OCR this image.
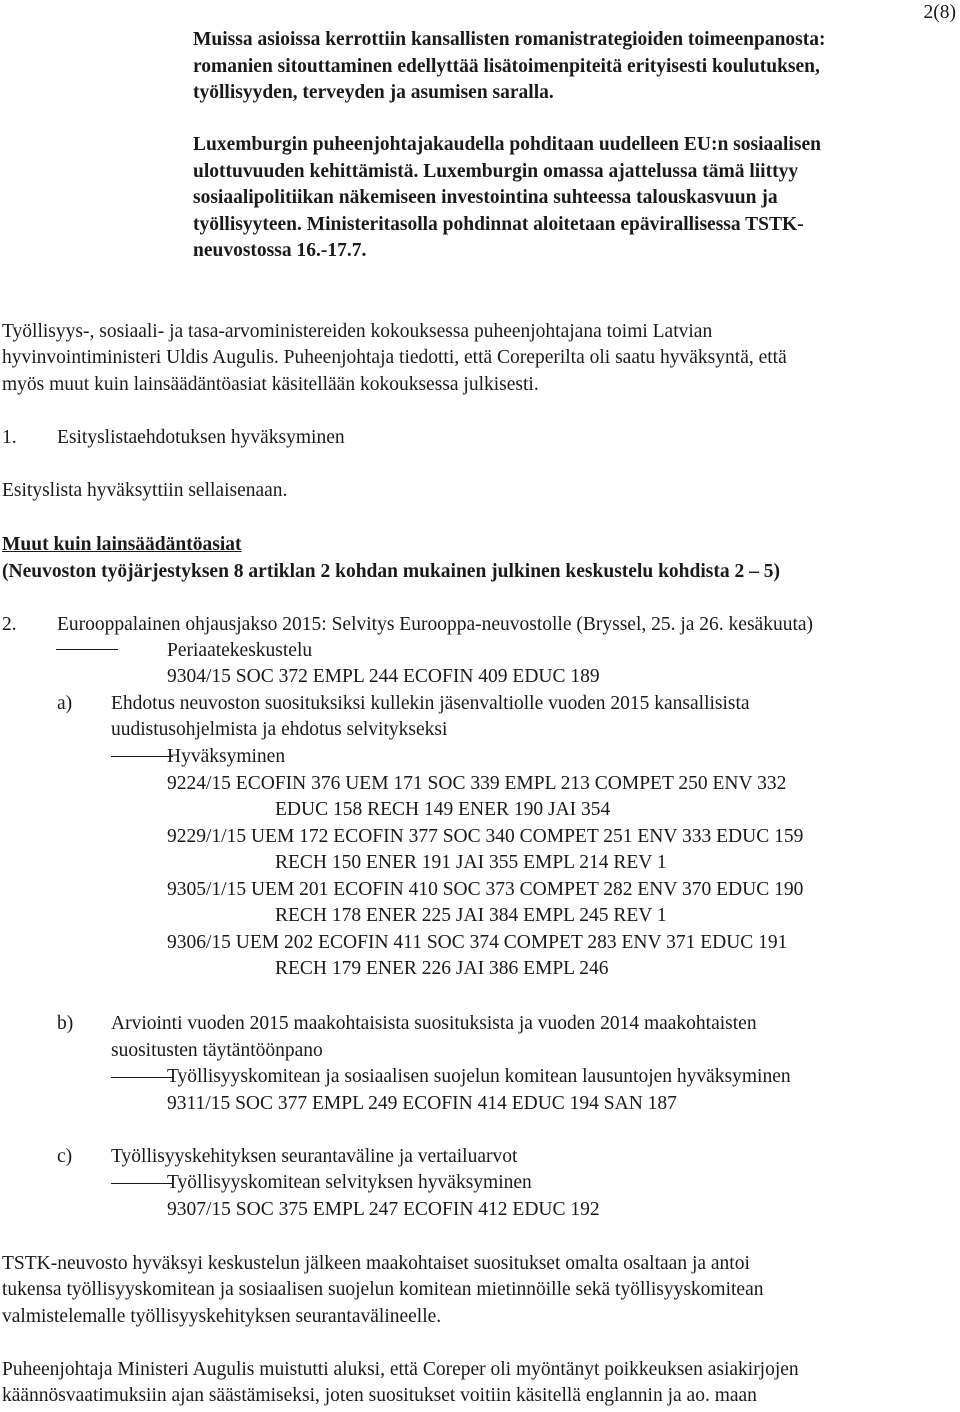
2(8)
Muissa asioissa kerrottiin kansallisten romanistrategioiden toimeenpanosta:
romanien sitouttaminen edellyttää lisätoimenpiteitä erityisesti koulutuksen,
työllisyyden, terveyden ja asumisen saralla.
Luxemburgin puheenjohtajakaudella pohditaan uudelleen EU:n sosiaalisen
ulottuvuuden kehittämistä. Luxemburgin omassa ajattelussa tämä liittyy
sosiaalipolitiikan näkemiseen investointina suhteessa talouskasvuun ja
työllisyyteen. Ministeritasolla pohdinnat aloitetaan epävirallisessa TSTK-
neuvostossa 16.-17.7.
Työllisyys-, sosiaali- ja tasa-arvoministereiden kokouksessa puheenjohtajana toimi Latvian
hyvinvointiministeri Uldis Augulis. Puheenjohtaja tiedotti, että Coreperilta oli saatu hyväksyntä, että
myös muut kuin lainsäädäntöasiat käsitellään kokouksessa julkisesti.
1. Esityslistaehdotuksen hyväksyminen
Esityslista hyväksyttiin sellaisenaan.
Muut kuin lainsäädäntöasiat
(Neuvoston työjärjestyksen 8 artiklan 2 kohdan mukainen julkinen keskustelu kohdista 2 – 5)
2. Eurooppalainen ohjausjakso 2015: Selvitys Eurooppa-neuvostolle (Bryssel, 25. ja 26. kesäkuuta)
Periaatekeskustelu
9304/15 SOC 372 EMPL 244 ECOFIN 409 EDUC 189
a) Ehdotus neuvoston suosituksiksi kullekin jäsenvaltiolle vuoden 2015 kansallisista
uudistusohjelmista ja ehdotus selvitykseksi
Hyväksyminen
9224/15 ECOFIN 376 UEM 171 SOC 339 EMPL 213 COMPET 250 ENV 332
EDUC 158 RECH 149 ENER 190 JAI 354
9229/1/15 UEM 172 ECOFIN 377 SOC 340 COMPET 251 ENV 333 EDUC 159
RECH 150 ENER 191 JAI 355 EMPL 214 REV 1
9305/1/15 UEM 201 ECOFIN 410 SOC 373 COMPET 282 ENV 370 EDUC 190
RECH 178 ENER 225 JAI 384 EMPL 245 REV 1
9306/15 UEM 202 ECOFIN 411 SOC 374 COMPET 283 ENV 371 EDUC 191
RECH 179 ENER 226 JAI 386 EMPL 246
b) Arviointi vuoden 2015 maakohtaisista suosituksista ja vuoden 2014 maakohtaisten
suositusten täytäntöönpano
Työllisyyskomitean ja sosiaalisen suojelun komitean lausuntojen hyväksyminen
9311/15 SOC 377 EMPL 249 ECOFIN 414 EDUC 194 SAN 187
c) Työllisyyskehityksen seurantaväline ja vertailuarvot
Työllisyyskomitean selvityksen hyväksyminen
9307/15 SOC 375 EMPL 247 ECOFIN 412 EDUC 192
TSTK-neuvosto hyväksyi keskustelun jälkeen maakohtaiset suositukset omalta osaltaan ja antoi
tukensa työllisyyskomitean ja sosiaalisen suojelun komitean mietinnöille sekä työllisyyskomitean
valmistelemalle työllisyyskehityksen seurantavälineelle.
Puheenjohtaja Ministeri Augulis muistutti aluksi, että Coreper oli myöntänyt poikkeuksen asiakirjojen
käännösvaatimuksiin ajan säästämiseksi, joten suositukset voitiin käsitellä englannin ja ao. maan
